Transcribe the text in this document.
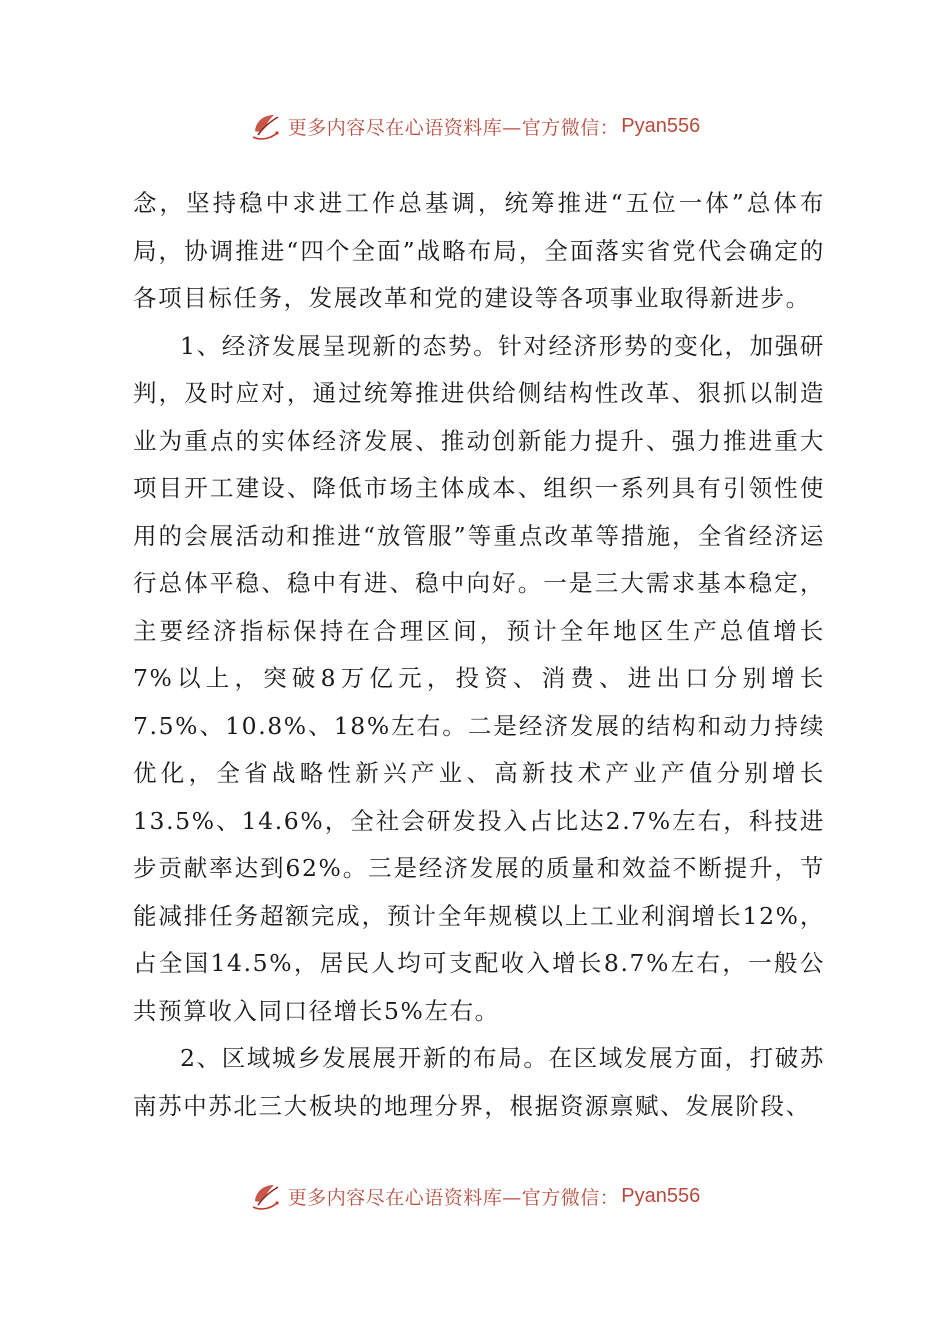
更多内容尽在心语资料库—官方微信： Pyan556

念，坚持稳中求进工作总基调，统筹推进“五位一体”总体布局，协调推进“四个全面”战略布局，全面落实省党代会确定的各项目标任务，发展改革和党的建设等各项事业取得新进步。

1、经济发展呈现新的态势。针对经济形势的变化，加强研判，及时应对，通过统筹推进供给侧结构性改革、狠抓以制造业为重点的实体经济发展、推动创新能力提升、强力推进重大项目开工建设、降低市场主体成本、组织一系列具有引领性使用的会展活动和推进“放管服”等重点改革等措施，全省经济运行总体平稳、稳中有进、稳中向好。一是三大需求基本稳定，主要经济指标保持在合理区间，预计全年地区生产总值增长7%以上，突破8万亿元，投资、消费、进出口分别增长7.5%、10.8%、18%左右。二是经济发展的结构和动力持续优化，全省战略性新兴产业、高新技术产业产值分别增长13.5%、14.6%，全社会研发投入占比达2.7%左右，科技进步贡献率达到62%。三是经济发展的质量和效益不断提升，节能减排任务超额完成，预计全年规模以上工业利润增长12%，占全国14.5%，居民人均可支配收入增长8.7%左右，一般公共预算收入同口径增长5%左右。

2、区域城乡发展展开新的布局。在区域发展方面，打破苏南苏中苏北三大板块的地理分界，根据资源禀赋、发展阶段、

更多内容尽在心语资料库—官方微信： Pyan556
